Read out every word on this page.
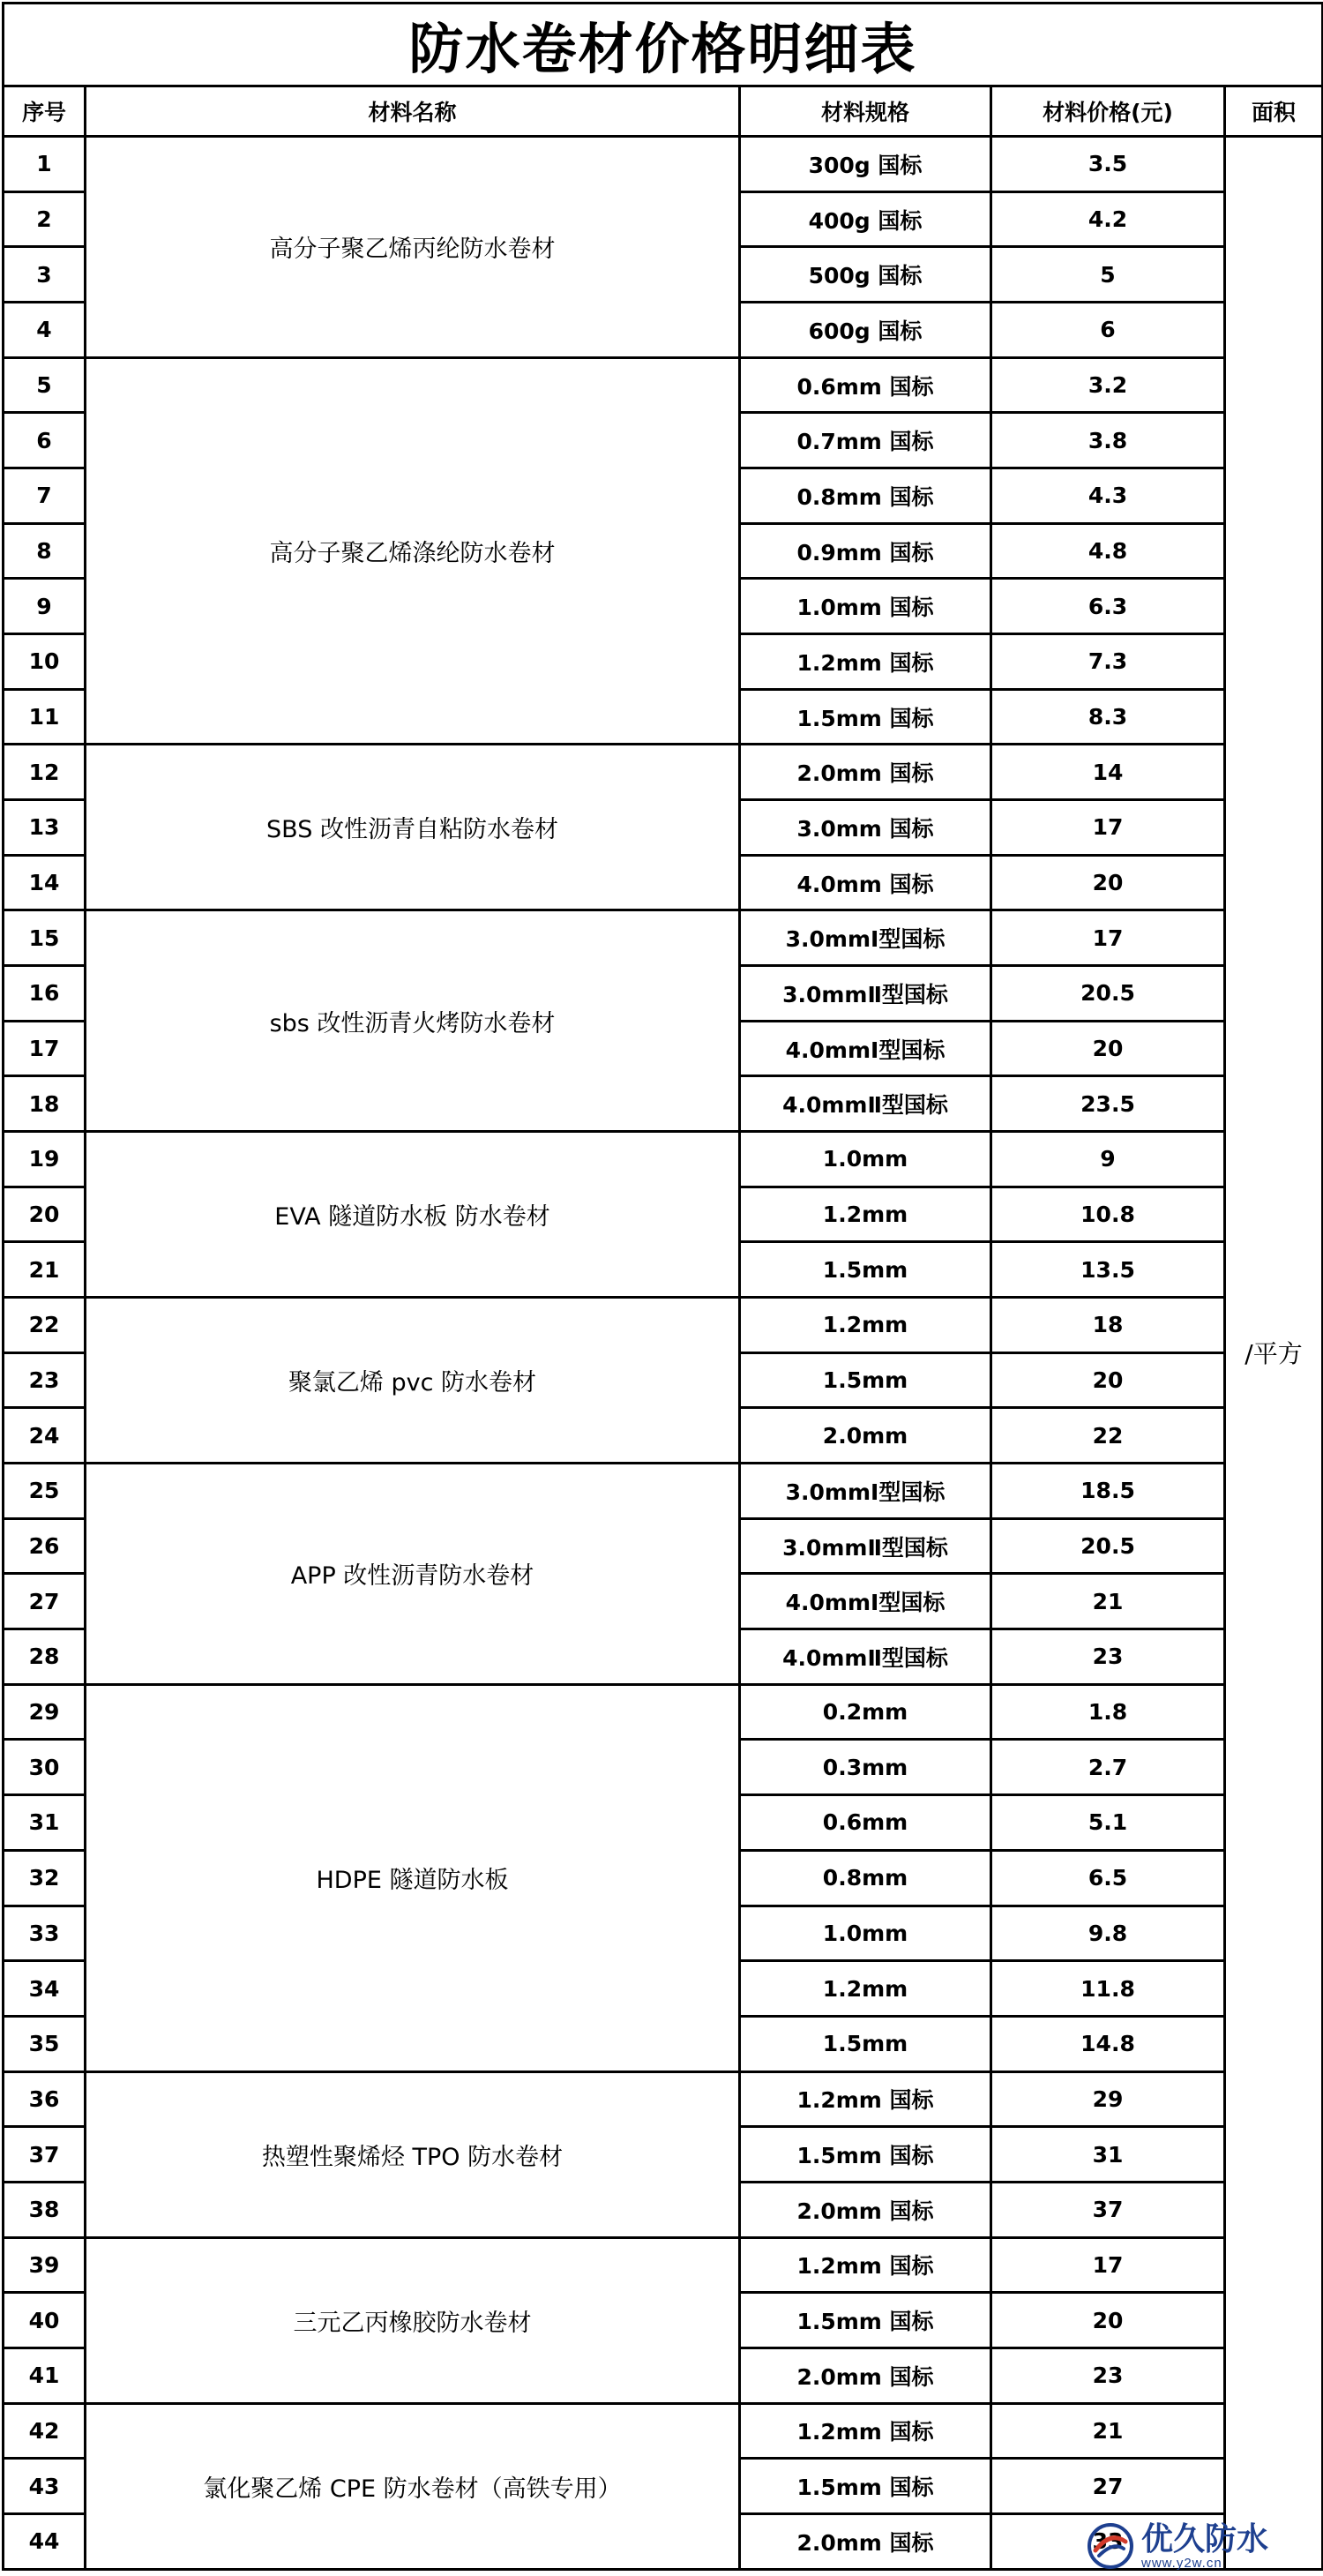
防水卷材价格明细表				
序号	材料名称	材料规格	材料价格(元)	面积
1	高分子聚乙烯丙纶防水卷材	300g 国标	3.5	/平方
2		400g 国标	4.2	
3		500g 国标	5	
4		600g 国标	6	
5	高分子聚乙烯涤纶防水卷材	0.6mm 国标	3.2	
6		0.7mm 国标	3.8	
7		0.8mm 国标	4.3	
8		0.9mm 国标	4.8	
9		1.0mm 国标	6.3	
10		1.2mm 国标	7.3	
11		1.5mm 国标	8.3	
12	SBS 改性沥青自粘防水卷材	2.0mm 国标	14	
13		3.0mm 国标	17	
14		4.0mm 国标	20	
15	sbs 改性沥青火烤防水卷材	3.0mmⅠ型国标	17	
16		3.0mmⅡ型国标	20.5	
17		4.0mmⅠ型国标	20	
18		4.0mmⅡ型国标	23.5	
19	EVA 隧道防水板 防水卷材	1.0mm	9	
20		1.2mm	10.8	
21		1.5mm	13.5	
22	聚氯乙烯 pvc 防水卷材	1.2mm	18	
23		1.5mm	20	
24		2.0mm	22	
25	APP 改性沥青防水卷材	3.0mmⅠ型国标	18.5	
26		3.0mmⅡ型国标	20.5	
27		4.0mmⅠ型国标	21	
28		4.0mmⅡ型国标	23	
29	HDPE 隧道防水板	0.2mm	1.8	
30		0.3mm	2.7	
31		0.6mm	5.1	
32		0.8mm	6.5	
33		1.0mm	9.8	
34		1.2mm	11.8	
35		1.5mm	14.8	
36	热塑性聚烯烃 TPO 防水卷材	1.2mm 国标	29	
37		1.5mm 国标	31	
38		2.0mm 国标	37	
39	三元乙丙橡胶防水卷材	1.2mm 国标	17	
40		1.5mm 国标	20	
41		2.0mm 国标	23	
42	氯化聚乙烯 CPE 防水卷材（高铁专用）	1.2mm 国标	21	
43		1.5mm 国标	27	
44		2.0mm 国标	33	优久防水
www.y2w.cn
